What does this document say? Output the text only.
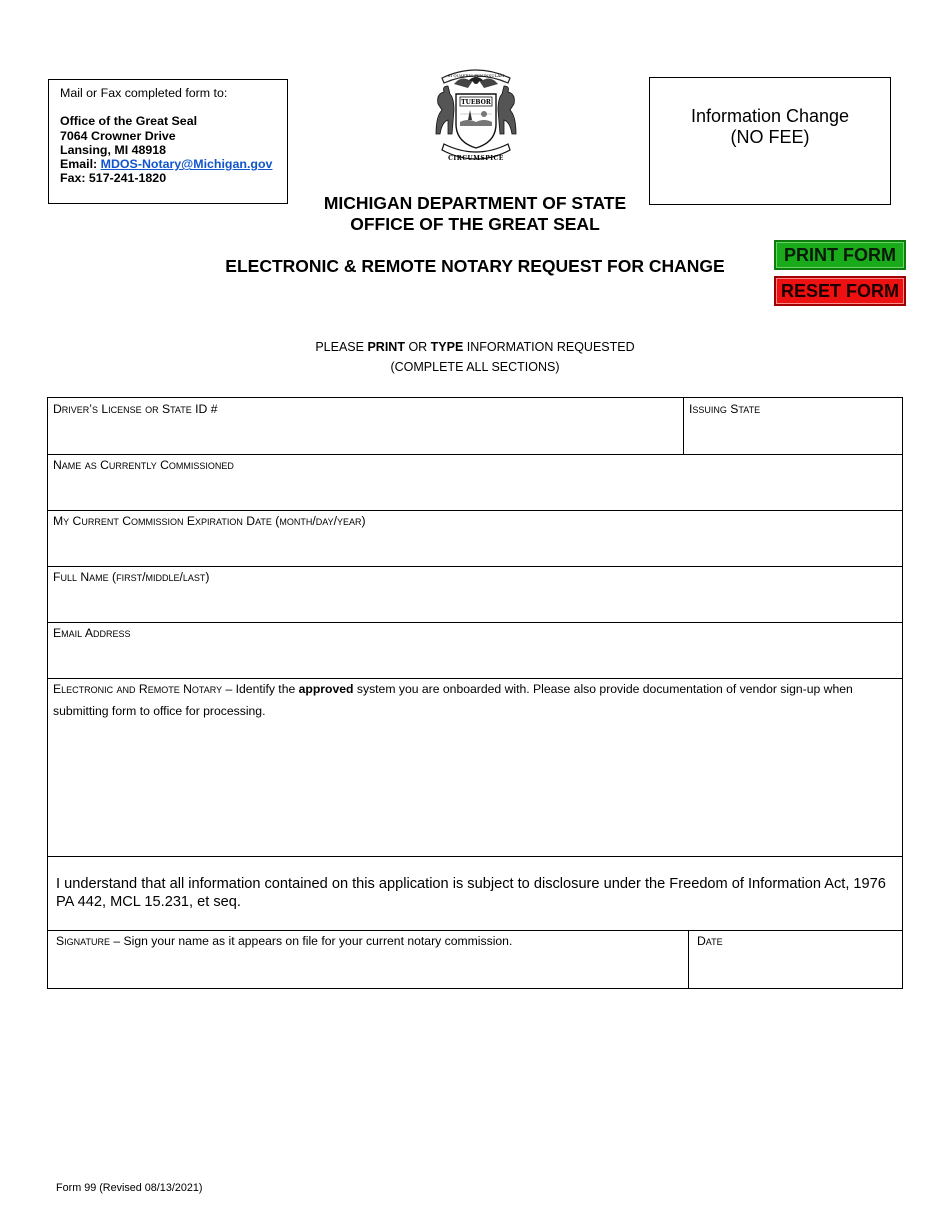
Mail or Fax completed form to:
Office of the Great Seal
7064 Crowner Drive
Lansing, MI 48918
Email: MDOS-Notary@Michigan.gov
Fax: 517-241-1820
SI QUAERIS PENINSULAM
TUEBOR
CIRCUMSPICE
Information Change
(NO FEE)
MICHIGAN DEPARTMENT OF STATE
OFFICE OF THE GREAT SEAL
ELECTRONIC & REMOTE NOTARY REQUEST FOR CHANGE
PRINT FORM
RESET FORM
PLEASE PRINT OR TYPE INFORMATION REQUESTED
(COMPLETE ALL SECTIONS)
Driver’s License or State ID #	Issuing State
Name as Currently Commissioned
My Current Commission Expiration Date (month/day/year)
Full Name (first/middle/last)
Email Address
Electronic and Remote Notary – Identify the approved system you are onboarded with. Please also provide documentation of vendor sign-up when submitting form to office for processing.
I understand that all information contained on this application is subject to disclosure under the Freedom of Information Act, 1976 PA 442, MCL 15.231, et seq.
Signature – Sign your name as it appears on file for your current notary commission.	Date
Form 99 (Revised 08/13/2021)
